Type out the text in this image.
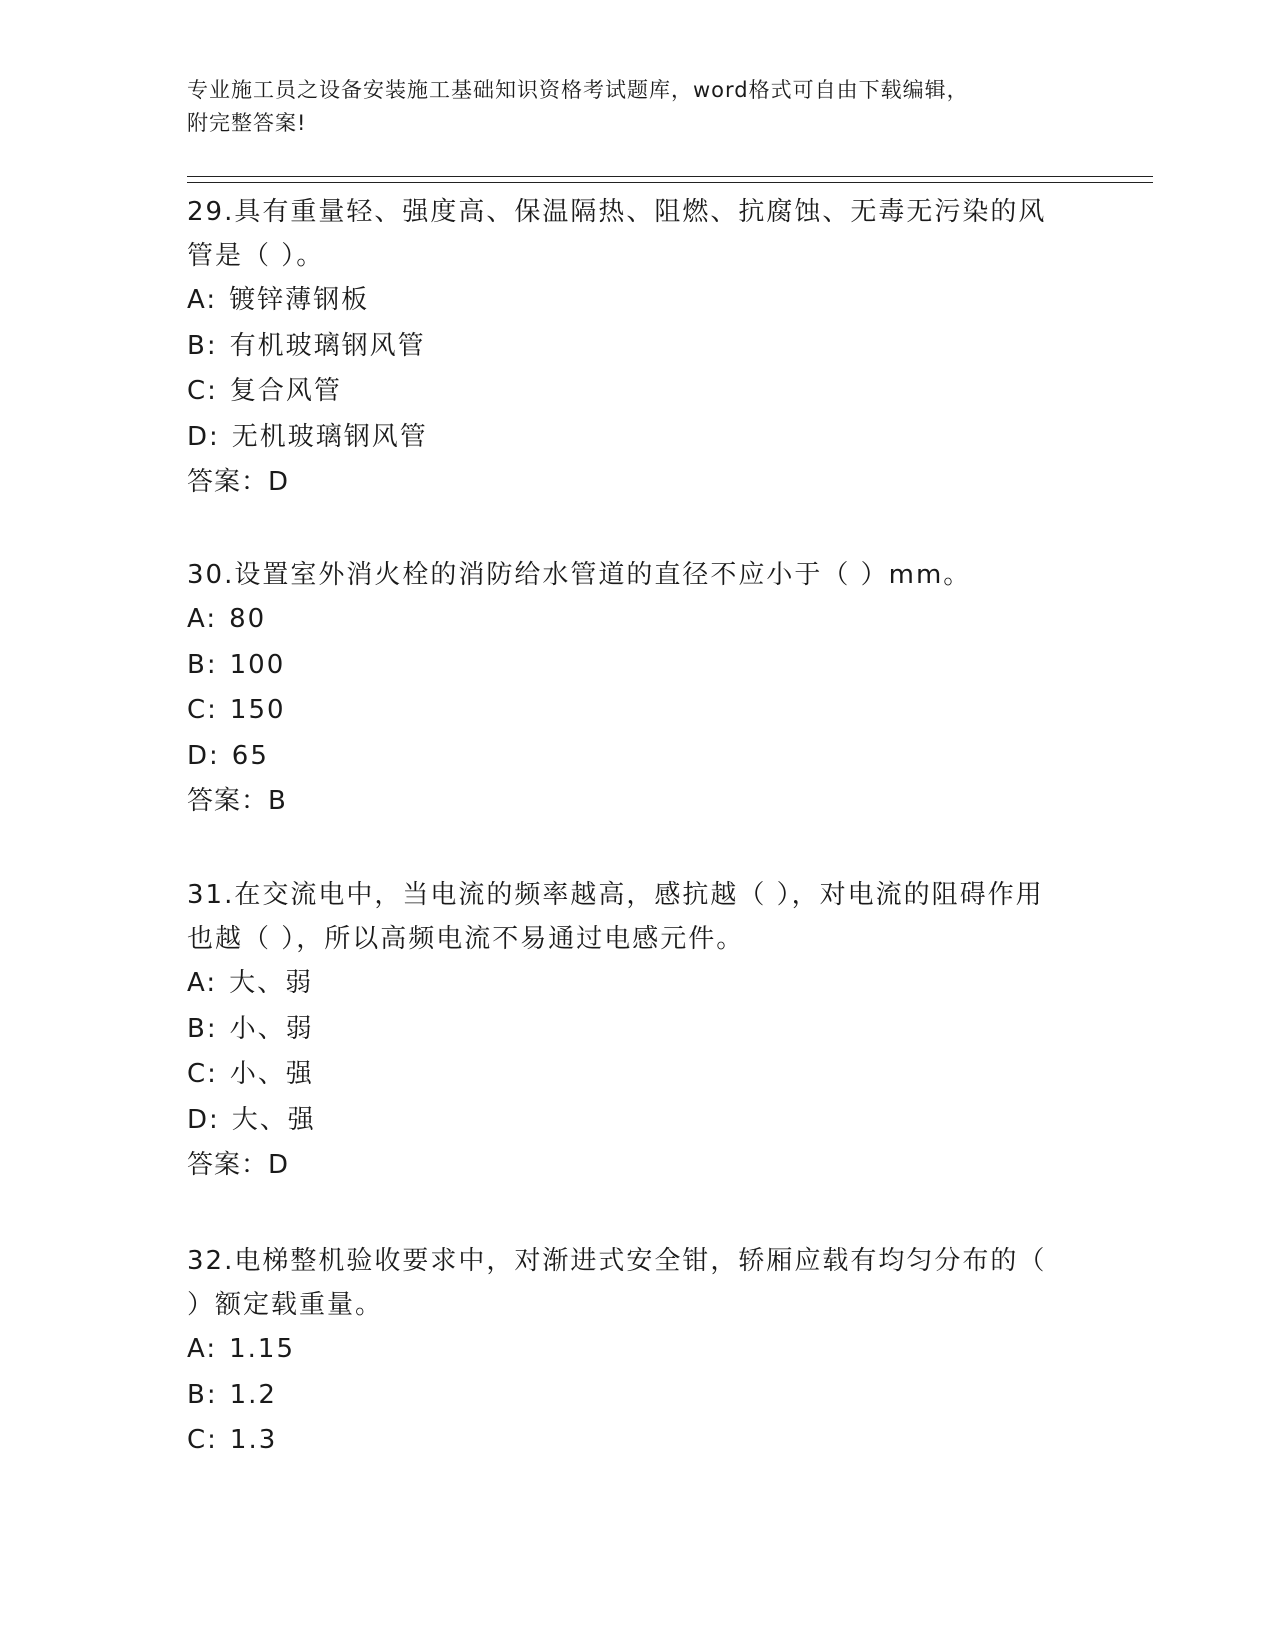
专业施工员之设备安装施工基础知识资格考试题库，word格式可自由下载编辑，
附完整答案!

29.具有重量轻、强度高、保温隔热、阻燃、抗腐蚀、无毒无污染的风管是（ ）。

A: 镀锌薄钢板

B: 有机玻璃钢风管

C: 复合风管

D: 无机玻璃钢风管

答案：D

30.设置室外消火栓的消防给水管道的直径不应小于（ ）mm。

A: 80

B: 100

C: 150

D: 65

答案：B

31.在交流电中，当电流的频率越高，感抗越（ ），对电流的阻碍作用也越（ ），所以高频电流不易通过电感元件。

A: 大、弱

B: 小、弱

C: 小、强

D: 大、强

答案：D

32.电梯整机验收要求中，对渐进式安全钳，轿厢应载有均匀分布的（ ）额定载重量。

A: 1.15

B: 1.2

C: 1.3
